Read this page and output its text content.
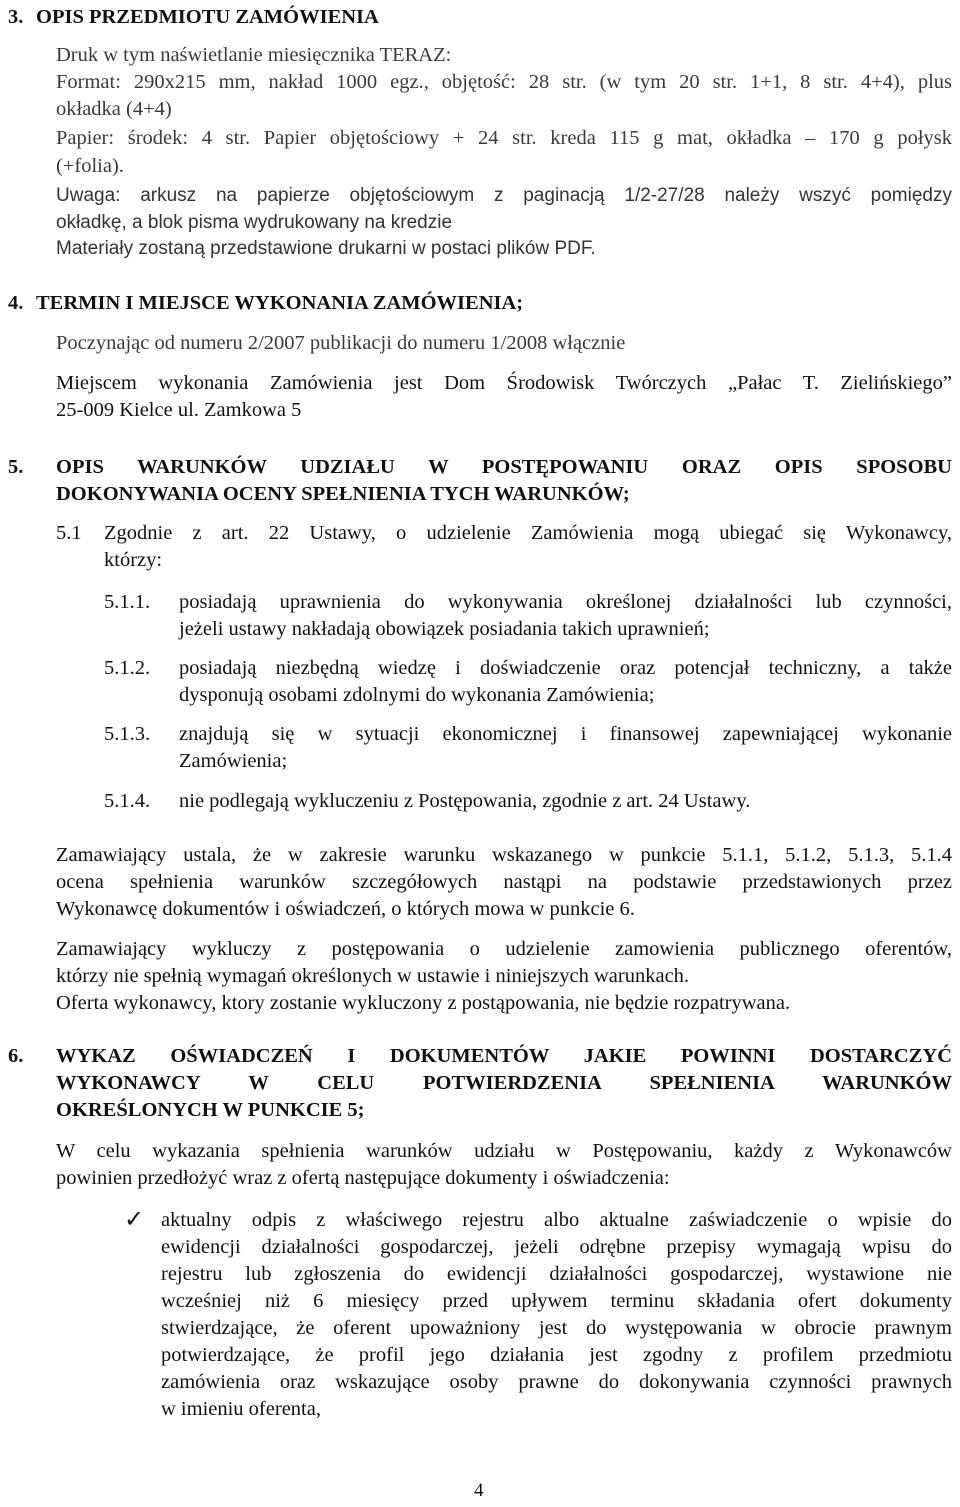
3. OPIS PRZEDMIOTU ZAMÓWIENIA
Druk w tym naświetlanie miesięcznika TERAZ:
Format: 290x215 mm, nakład 1000 egz., objętość: 28 str. (w tym 20 str. 1+1, 8 str. 4+4), plus
okładka (4+4)
Papier: środek: 4 str. Papier objętościowy + 24 str. kreda 115 g mat, okładka – 170 g połysk
(+folia).
Uwaga: arkusz na papierze objętościowym z paginacją 1/2-27/28 należy wszyć pomiędzy
okładkę, a blok pisma wydrukowany na kredzie
Materiały zostaną przedstawione drukarni w postaci plików PDF.
4. TERMIN I MIEJSCE WYKONANIA ZAMÓWIENIA;
Poczynając od numeru 2/2007 publikacji do numeru 1/2008 włącznie
Miejscem wykonania Zamówienia jest Dom Środowisk Twórczych „Pałac T. Zielińskiego”
25-009 Kielce ul. Zamkowa 5
5. OPIS WARUNKÓW UDZIAŁU W POSTĘPOWANIU ORAZ OPIS SPOSOBU
DOKONYWANIA OCENY SPEŁNIENIA TYCH WARUNKÓW;
5.1 Zgodnie z art. 22 Ustawy, o udzielenie Zamówienia mogą ubiegać się Wykonawcy,
którzy:
5.1.1. posiadają uprawnienia do wykonywania określonej działalności lub czynności,
jeżeli ustawy nakładają obowiązek posiadania takich uprawnień;
5.1.2. posiadają niezbędną wiedzę i doświadczenie oraz potencjał techniczny, a także
dysponują osobami zdolnymi do wykonania Zamówienia;
5.1.3. znajdują się w sytuacji ekonomicznej i finansowej zapewniającej wykonanie
Zamówienia;
5.1.4. nie podlegają wykluczeniu z Postępowania, zgodnie z art. 24 Ustawy.
Zamawiający ustala, że w zakresie warunku wskazanego w punkcie 5.1.1, 5.1.2, 5.1.3, 5.1.4
ocena spełnienia warunków szczegółowych nastąpi na podstawie przedstawionych przez
Wykonawcę dokumentów i oświadczeń, o których mowa w punkcie 6.
Zamawiający wykluczy z postępowania o udzielenie zamowienia publicznego oferentów,
którzy nie spełnią wymagań określonych w ustawie i niniejszych warunkach.
Oferta wykonawcy, ktory zostanie wykluczony z postąpowania, nie będzie rozpatrywana.
6. WYKAZ OŚWIADCZEŃ I DOKUMENTÓW JAKIE POWINNI DOSTARCZYĆ
WYKONAWCY W CELU POTWIERDZENIA SPEŁNIENIA WARUNKÓW
OKREŚLONYCH W PUNKCIE 5;
W celu wykazania spełnienia warunków udziału w Postępowaniu, każdy z Wykonawców
powinien przedłożyć wraz z ofertą następujące dokumenty i oświadczenia:
✓ aktualny odpis z właściwego rejestru albo aktualne zaświadczenie o wpisie do
ewidencji działalności gospodarczej, jeżeli odrębne przepisy wymagają wpisu do
rejestru lub zgłoszenia do ewidencji działalności gospodarczej, wystawione nie
wcześniej niż 6 miesięcy przed upływem terminu składania ofert dokumenty
stwierdzające, że oferent upoważniony jest do występowania w obrocie prawnym
potwierdzające, że profil jego działania jest zgodny z profilem przedmiotu
zamówienia oraz wskazujące osoby prawne do dokonywania czynności prawnych
w imieniu oferenta,
4
